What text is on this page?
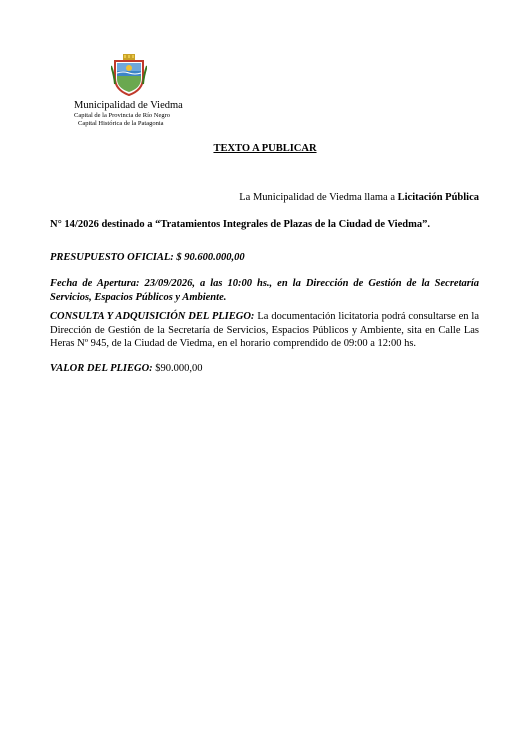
Municipalidad de Viedma
Capital de la Provincia de Río Negro
Capital Histórica de la Patagonia
TEXTO A PUBLICAR
La Municipalidad de Viedma llama a Licitación Pública
N° 14/2026 destinado a “Tratamientos Integrales de Plazas de la Ciudad de Viedma”.
PRESUPUESTO OFICIAL: $ 90.600.000,00
Fecha de Apertura: 23/09/2026, a las 10:00 hs., en la Dirección de Gestión de la Secretaría Servicios, Espacios Públicos y Ambiente.
CONSULTA Y ADQUISICIÓN DEL PLIEGO: La documentación licitatoria podrá consultarse en la Dirección de Gestión de la Secretaría de Servicios, Espacios Públicos y Ambiente, sita en Calle Las Heras Nº 945, de la Ciudad de Viedma, en el horario comprendido de 09:00 a 12:00 hs.
VALOR DEL PLIEGO: $90.000,00
